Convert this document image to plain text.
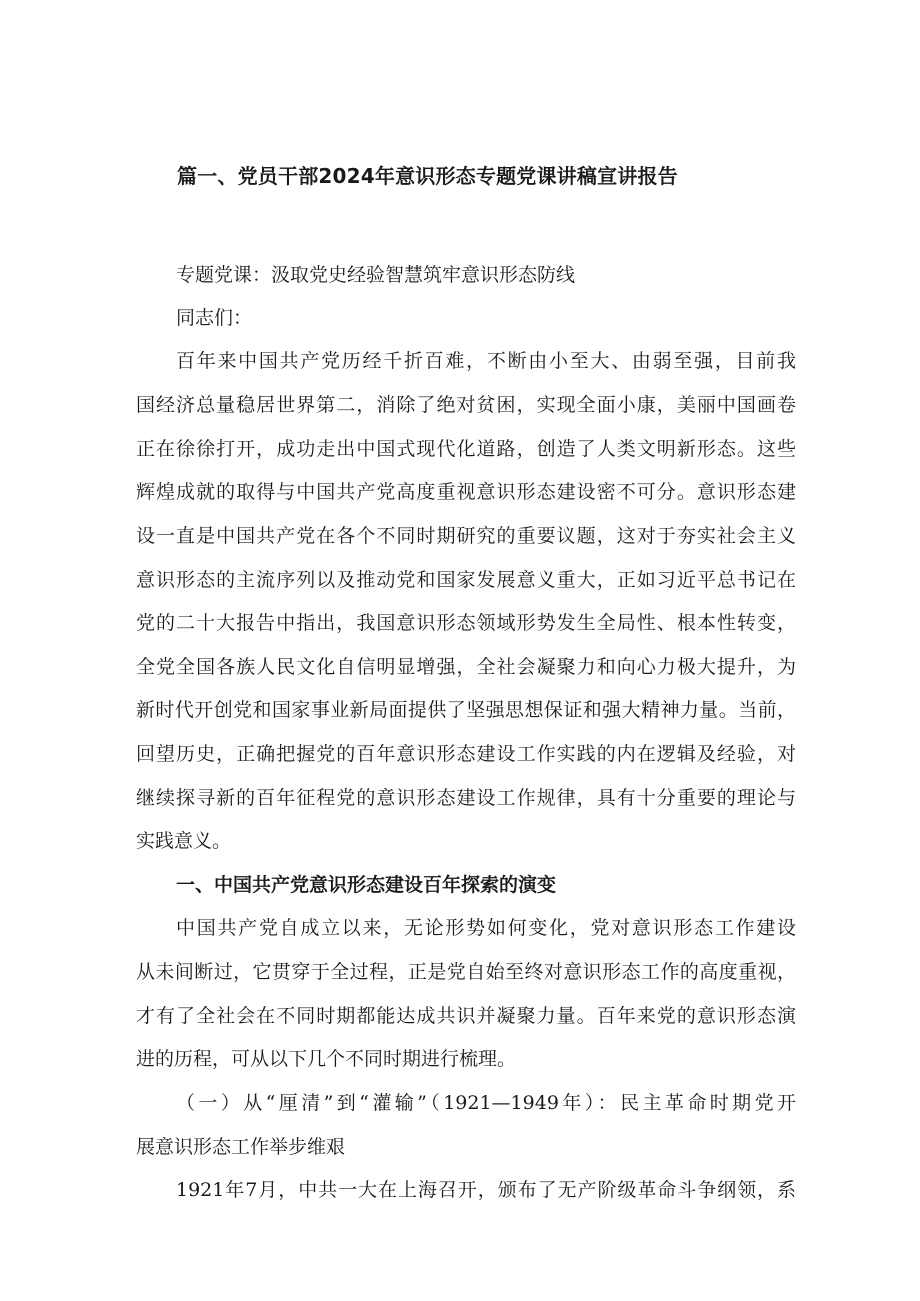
篇一、党员干部2024年意识形态专题党课讲稿宣讲报告
专题党课：汲取党史经验智慧筑牢意识形态防线
同志们：
百年来中国共产党历经千折百难，不断由小至大、由弱至强，目前我
国经济总量稳居世界第二，消除了绝对贫困，实现全面小康，美丽中国画卷
正在徐徐打开，成功走出中国式现代化道路，创造了人类文明新形态。这些
辉煌成就的取得与中国共产党高度重视意识形态建设密不可分。意识形态建
设一直是中国共产党在各个不同时期研究的重要议题，这对于夯实社会主义
意识形态的主流序列以及推动党和国家发展意义重大，正如习近平总书记在
党的二十大报告中指出，我国意识形态领域形势发生全局性、根本性转变，
全党全国各族人民文化自信明显增强，全社会凝聚力和向心力极大提升，为
新时代开创党和国家事业新局面提供了坚强思想保证和强大精神力量。当前，
回望历史，正确把握党的百年意识形态建设工作实践的内在逻辑及经验，对
继续探寻新的百年征程党的意识形态建设工作规律，具有十分重要的理论与
实践意义。
一、中国共产党意识形态建设百年探索的演变
中国共产党自成立以来，无论形势如何变化，党对意识形态工作建设
从未间断过，它贯穿于全过程，正是党自始至终对意识形态工作的高度重视，
才有了全社会在不同时期都能达成共识并凝聚力量。百年来党的意识形态演
进的历程，可从以下几个不同时期进行梳理。
（一）从“厘清”到“灌输”（1921—1949年）：民主革命时期党开
展意识形态工作举步维艰
1921年7月，中共一大在上海召开，颁布了无产阶级革命斗争纲领，系
